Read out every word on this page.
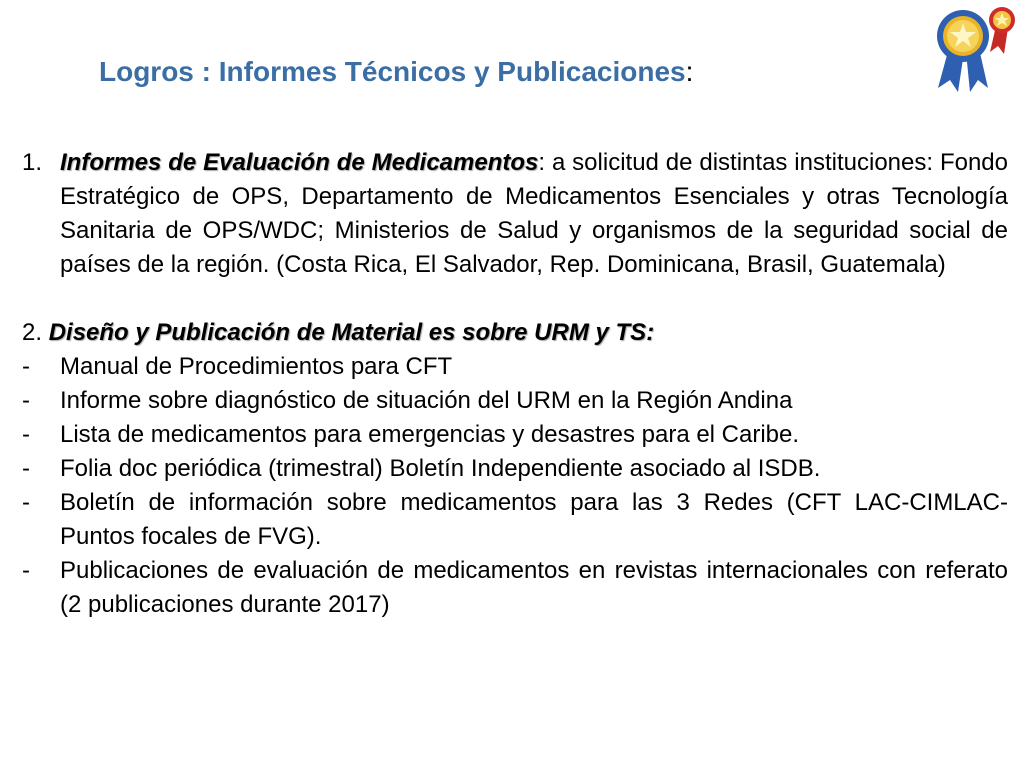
Logros : Informes Técnicos y Publicaciones:
1. Informes de Evaluación de Medicamentos: a solicitud de distintas instituciones: Fondo Estratégico de OPS, Departamento de Medicamentos Esenciales y otras Tecnología Sanitaria de OPS/WDC; Ministerios de Salud y organismos de la seguridad social de países de la región. (Costa Rica, El Salvador, Rep. Dominicana, Brasil, Guatemala)
2. Diseño y Publicación de Material es sobre URM y TS:
- Manual de Procedimientos para CFT
- Informe sobre diagnóstico de situación del URM en la Región Andina
- Lista de medicamentos para emergencias y desastres para el Caribe.
- Folia doc periódica (trimestral) Boletín Independiente asociado al ISDB.
- Boletín de información sobre medicamentos para las 3 Redes (CFT LAC-CIMLAC- Puntos focales de FVG).
- Publicaciones de evaluación de medicamentos en revistas internacionales con referato (2 publicaciones durante 2017)
